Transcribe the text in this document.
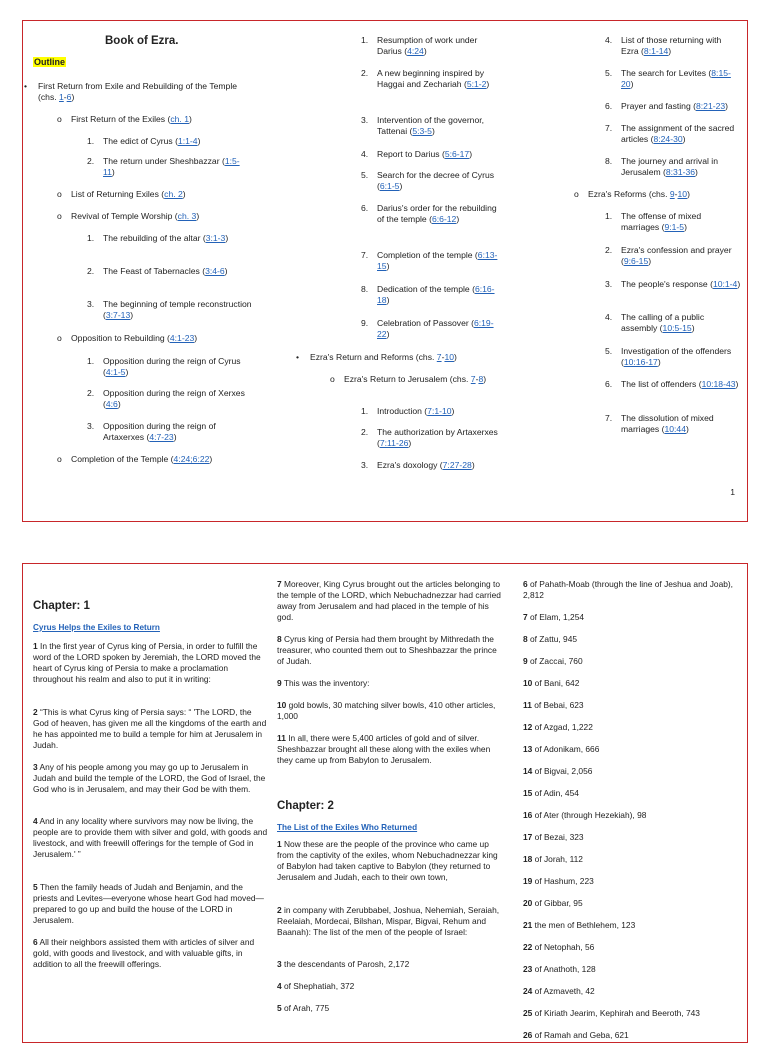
Book of Ezra.
Outline
• First Return from Exile and Rebuilding of the Temple (chs. 1-6)
o First Return of the Exiles (ch. 1)
1. The edict of Cyrus (1:1-4)
2. The return under Sheshbazzar (1:5-11)
o List of Returning Exiles (ch. 2)
o Revival of Temple Worship (ch. 3)
1. The rebuilding of the altar (3:1-3)
2. The Feast of Tabernacles (3:4-6)
3. The beginning of temple reconstruction (3:7-13)
o Opposition to Rebuilding (4:1-23)
1. Opposition during the reign of Cyrus (4:1-5)
2. Opposition during the reign of Xerxes (4:6)
3. Opposition during the reign of Artaxerxes (4:7-23)
o Completion of the Temple (4:24;6:22)
1. Resumption of work under Darius (4:24)
2. A new beginning inspired by Haggai and Zechariah (5:1-2)
3. Intervention of the governor, Tattenai (5:3-5)
4. Report to Darius (5:6-17)
5. Search for the decree of Cyrus (6:1-5)
6. Darius's order for the rebuilding of the temple (6:6-12)
7. Completion of the temple (6:13-15)
8. Dedication of the temple (6:16-18)
9. Celebration of Passover (6:19-22)
• Ezra's Return and Reforms (chs. 7-10)
o Ezra's Return to Jerusalem (chs. 7-8)
1. Introduction (7:1-10)
2. The authorization by Artaxerxes (7:11-26)
3. Ezra's doxology (7:27-28)
4. List of those returning with Ezra (8:1-14)
5. The search for Levites (8:15-20)
6. Prayer and fasting (8:21-23)
7. The assignment of the sacred articles (8:24-30)
8. The journey and arrival in Jerusalem (8:31-36)
o Ezra's Reforms (chs. 9-10)
1. The offense of mixed marriages (9:1-5)
2. Ezra's confession and prayer (9:6-15)
3. The people's response (10:1-4)
4. The calling of a public assembly (10:5-15)
5. Investigation of the offenders (10:16-17)
6. The list of offenders (10:18-43)
7. The dissolution of mixed marriages (10:44)
1
Chapter: 1
Cyrus Helps the Exiles to Return
1 In the first year of Cyrus king of Persia, in order to fulfill the word of the LORD spoken by Jeremiah, the LORD moved the heart of Cyrus king of Persia to make a proclamation throughout his realm and also to put it in writing:
2 “This is what Cyrus king of Persia says: “ 'The LORD, the God of heaven, has given me all the kingdoms of the earth and he has appointed me to build a temple for him at Jerusalem in Judah.
3 Any of his people among you may go up to Jerusalem in Judah and build the temple of the LORD, the God of Israel, the God who is in Jerusalem, and may their God be with them.
4 And in any locality where survivors may now be living, the people are to provide them with silver and gold, with goods and livestock, and with freewill offerings for the temple of God in Jerusalem.' ”
5 Then the family heads of Judah and Benjamin, and the priests and Levites—everyone whose heart God had moved—prepared to go up and build the house of the LORD in Jerusalem.
6 All their neighbors assisted them with articles of silver and gold, with goods and livestock, and with valuable gifts, in addition to all the freewill offerings.
7 Moreover, King Cyrus brought out the articles belonging to the temple of the LORD, which Nebuchadnezzar had carried away from Jerusalem and had placed in the temple of his god.
8 Cyrus king of Persia had them brought by Mithredath the treasurer, who counted them out to Sheshbazzar the prince of Judah.
9 This was the inventory:
10 gold bowls, 30 matching silver bowls, 410 other articles, 1,000
11 In all, there were 5,400 articles of gold and of silver. Sheshbazzar brought all these along with the exiles when they came up from Babylon to Jerusalem.
1 Now these are the people of the province who came up from the captivity of the exiles, whom Nebuchadnezzar king of Babylon had taken captive to Babylon (they returned to Jerusalem and Judah, each to their own town,
2 in company with Zerubbabel, Joshua, Nehemiah, Seraiah, Reelaiah, Mordecai, Bilshan, Mispar, Bigvai, Rehum and Baanah): The list of the men of the people of Israel:
3 the descendants of Parosh, 2,172
4 of Shephatiah, 372
5 of Arah, 775
Chapter: 2
The List of the Exiles Who Returned
6 of Pahath-Moab (through the line of Jeshua and Joab), 2,812
7 of Elam, 1,254
8 of Zattu, 945
9 of Zaccai, 760
10 of Bani, 642
11 of Bebai, 623
12 of Azgad, 1,222
13 of Adonikam, 666
14 of Bigvai, 2,056
15 of Adin, 454
16 of Ater (through Hezekiah), 98
17 of Bezai, 323
18 of Jorah, 112
19 of Hashum, 223
20 of Gibbar, 95
21 the men of Bethlehem, 123
22 of Netophah, 56
23 of Anathoth, 128
24 of Azmaveth, 42
25 of Kiriath Jearim, Kephirah and Beeroth, 743
26 of Ramah and Geba, 621
